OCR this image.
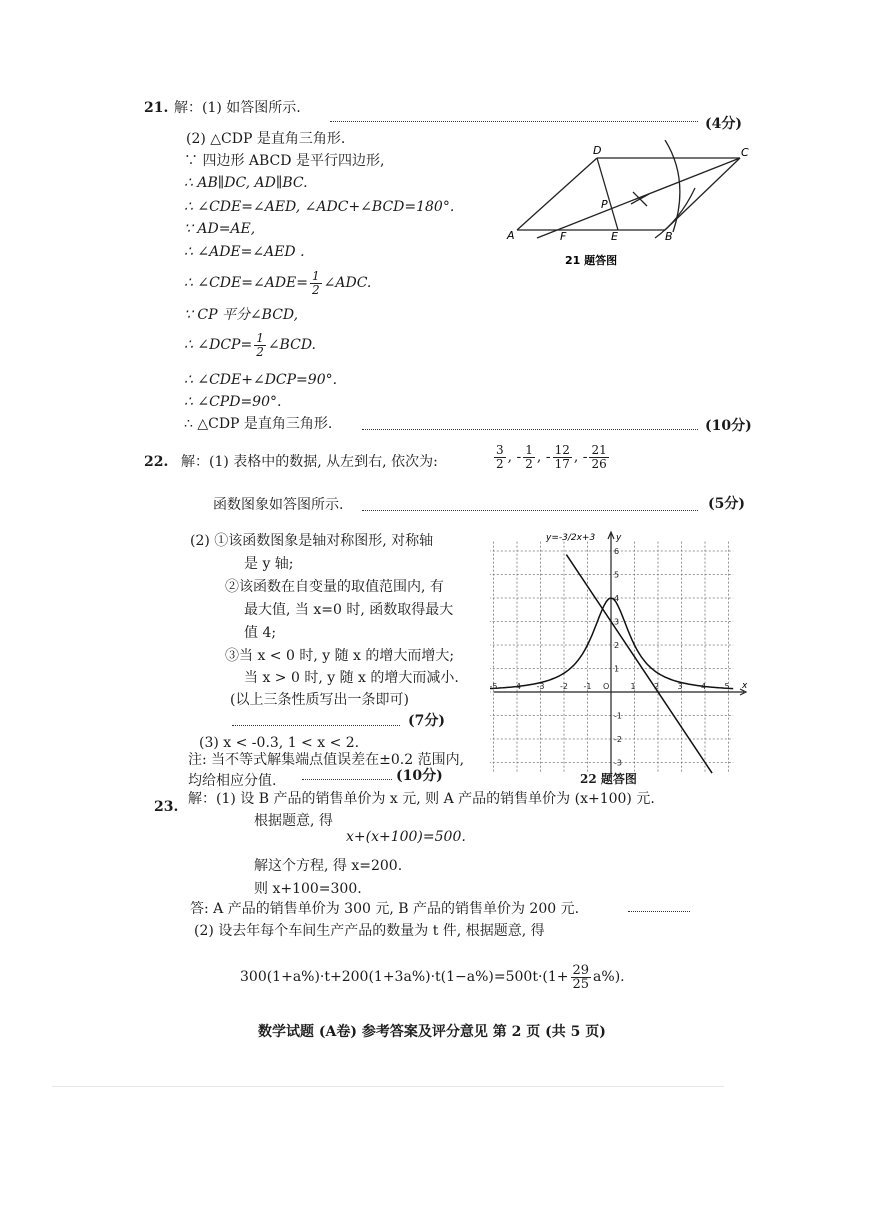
21. 解：(1) 如答图所示.
(4分)
(2) △CDP 是直角三角形.
∵ 四边形 ABCD 是平行四边形,
∴ AB∥DC, AD∥BC.
∴ ∠CDE=∠AED, ∠ADC+∠BCD=180°.
∵ AD=AE,
∴ ∠ADE=∠AED .
∴ ∠CDE=∠ADE= $\frac{1}{2}$ ∠ADC.
∵ CP 平分∠BCD,
∴ ∠DCP= $\frac{1}{2}$ ∠BCD.
∴ ∠CDE+∠DCP=90°.
∴ ∠CPD=90°.
∴ △CDP 是直角三角形.	(10分)
A	B
C
D
E
F
P
21 题答图
22. 解：(1) 表格中的数据, 从左到右, 依次为:	$\frac{3}{2}$ , - $\frac{1}{2}$ , - $\frac{12}{17}$ , - $\frac{21}{26}$
函数图象如答图所示.	(5分)
(2) ①该函数图象是轴对称图形, 对称轴
是 y 轴;
②该函数在自变量的取值范围内, 有
最大值, 当 x=0 时, 函数取得最大
值 4;
③当 x < 0 时, y 随 x 的增大而增大;
当 x > 0 时, y 随 x 的增大而减小.
(以上三条性质写出一条即可)
(7分)
(3) x < -0.3, 1 < x < 2.
注: 当不等式解集端点值误差在±0.2 范围内,
均给相应分值.	(10分)
-5 -4 -3 -2 -1 O	1 2 3 4 5
6
5
4
3
2
1
-1
-2
-3
y=-3/2x+3
x
y
22 题答图
23. 解：(1) 设 B 产品的销售单价为 x 元, 则 A 产品的销售单价为 (x+100) 元.
根据题意, 得
x+(x+100)=500.
解这个方程, 得 x=200.
则 x+100=300.
答: A 产品的销售单价为 300 元, B 产品的销售单价为 200 元.
(2) 设去年每个车间生产产品的数量为 t 件, 根据题意, 得
$300(1+a\%)\cdot t+200(1+3a\%)\cdot t(1-a\%)=500t\cdot(1+ \frac{29}{25} a\%)$.
数学试题 (A卷) 参考答案及评分意见 第 2 页 (共 5 页)
